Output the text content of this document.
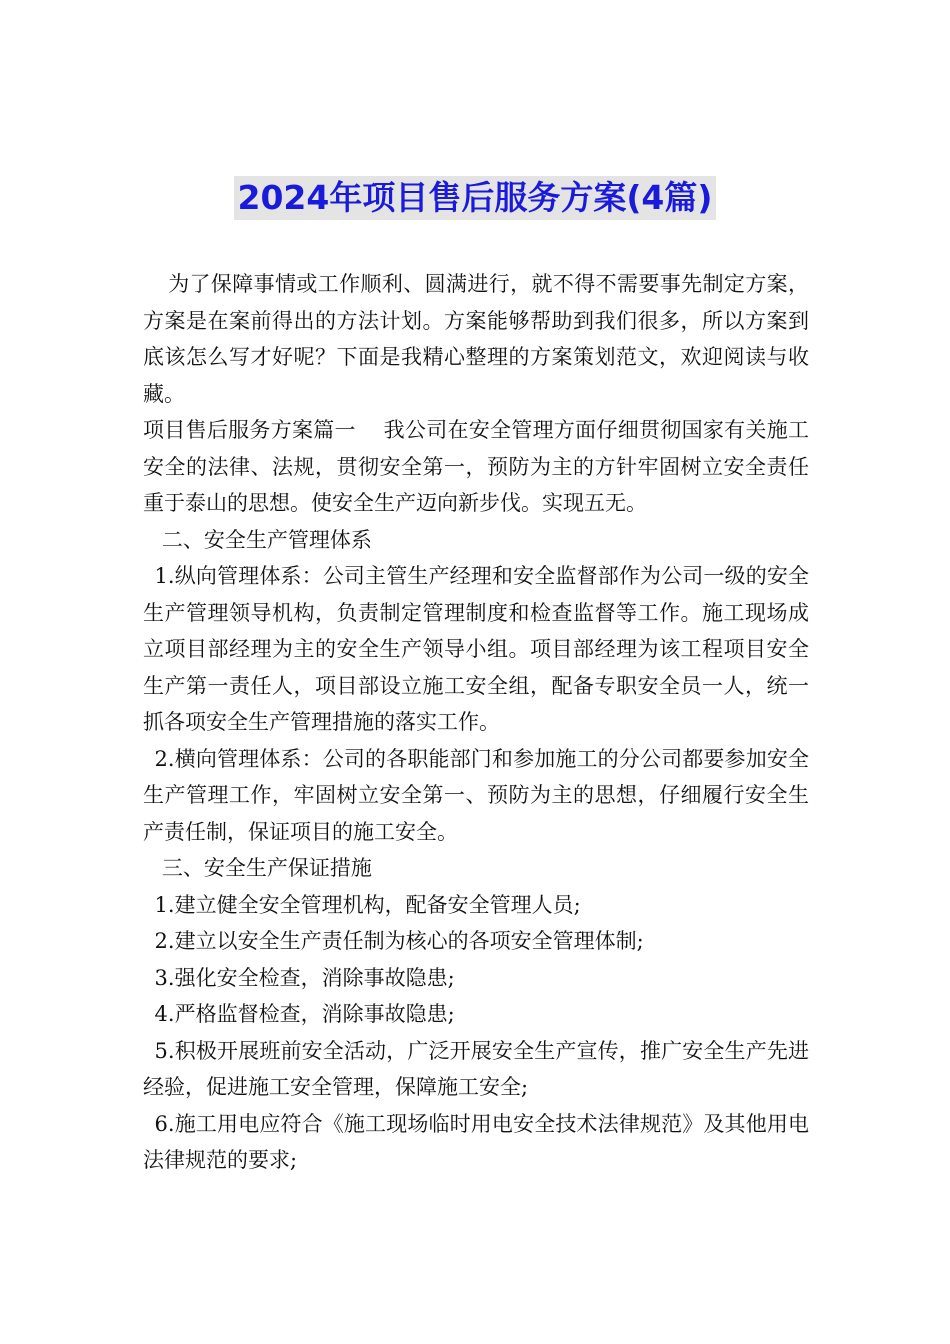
2024年项目售后服务方案(4篇)

为了保障事情或工作顺利、圆满进行，就不得不需要事先制定方案，方案是在案前得出的方法计划。方案能够帮助到我们很多，所以方案到底该怎么写才好呢？下面是我精心整理的方案策划范文，欢迎阅读与收藏。

项目售后服务方案篇一    我公司在安全管理方面仔细贯彻国家有关施工安全的法律、法规，贯彻安全第一，预防为主的方针牢固树立安全责任重于泰山的思想。使安全生产迈向新步伐。实现五无。

二、安全生产管理体系

1.纵向管理体系：公司主管生产经理和安全监督部作为公司一级的安全生产管理领导机构，负责制定管理制度和检查监督等工作。施工现场成立项目部经理为主的安全生产领导小组。项目部经理为该工程项目安全生产第一责任人，项目部设立施工安全组，配备专职安全员一人，统一抓各项安全生产管理措施的落实工作。

2.横向管理体系：公司的各职能部门和参加施工的分公司都要参加安全生产管理工作，牢固树立安全第一、预防为主的思想，仔细履行安全生产责任制，保证项目的施工安全。

三、安全生产保证措施

1.建立健全安全管理机构，配备安全管理人员;

2.建立以安全生产责任制为核心的各项安全管理体制;

3.强化安全检查，消除事故隐患;

4.严格监督检查，消除事故隐患;

5.积极开展班前安全活动，广泛开展安全生产宣传，推广安全生产先进经验，促进施工安全管理，保障施工安全;

6.施工用电应符合《施工现场临时用电安全技术法律规范》及其他用电法律规范的要求;
